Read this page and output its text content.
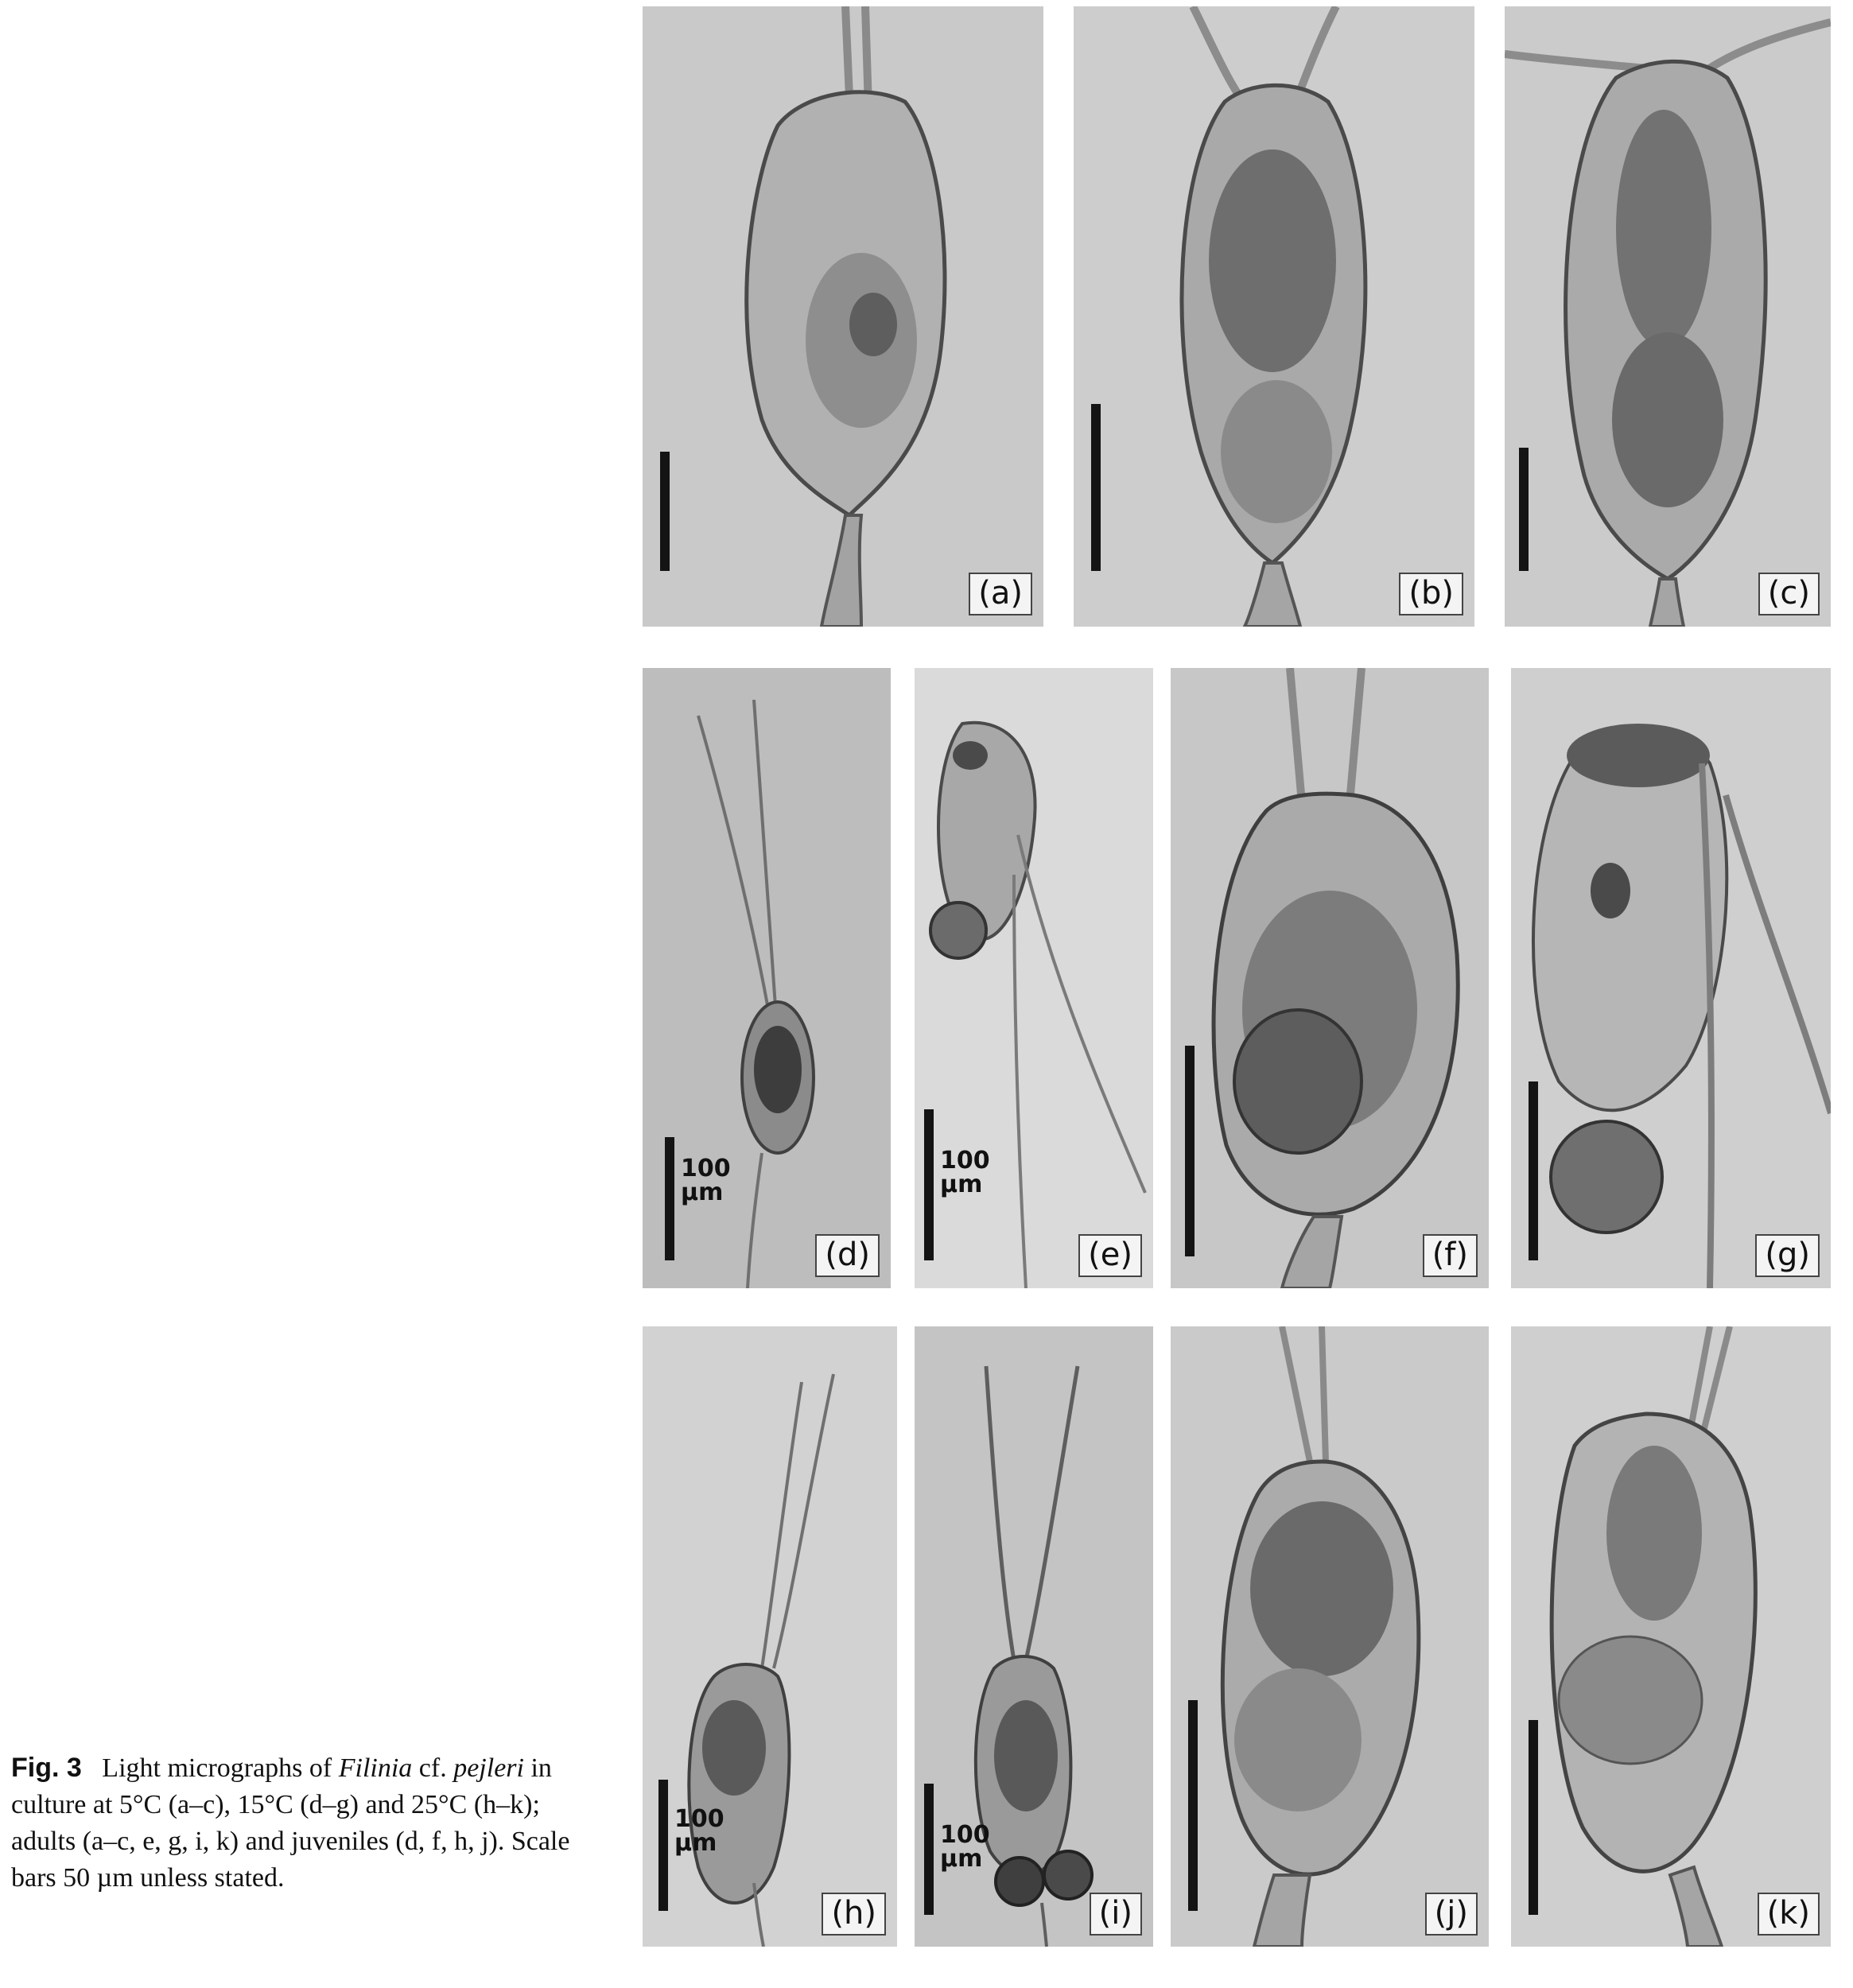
(a)	(b)	(c)
100
µm
(d)
100
µm
(e)	(f)	(g)
100
µm
(h)
100
µm
(i)	(j)	(k)
Fig. 3 Light micrographs of Filinia cf. pejleri in culture at 5°C (a–c), 15°C (d–g) and 25°C (h–k); adults (a–c, e, g, i, k) and juveniles (d, f, h, j). Scale bars 50 µm unless stated.
